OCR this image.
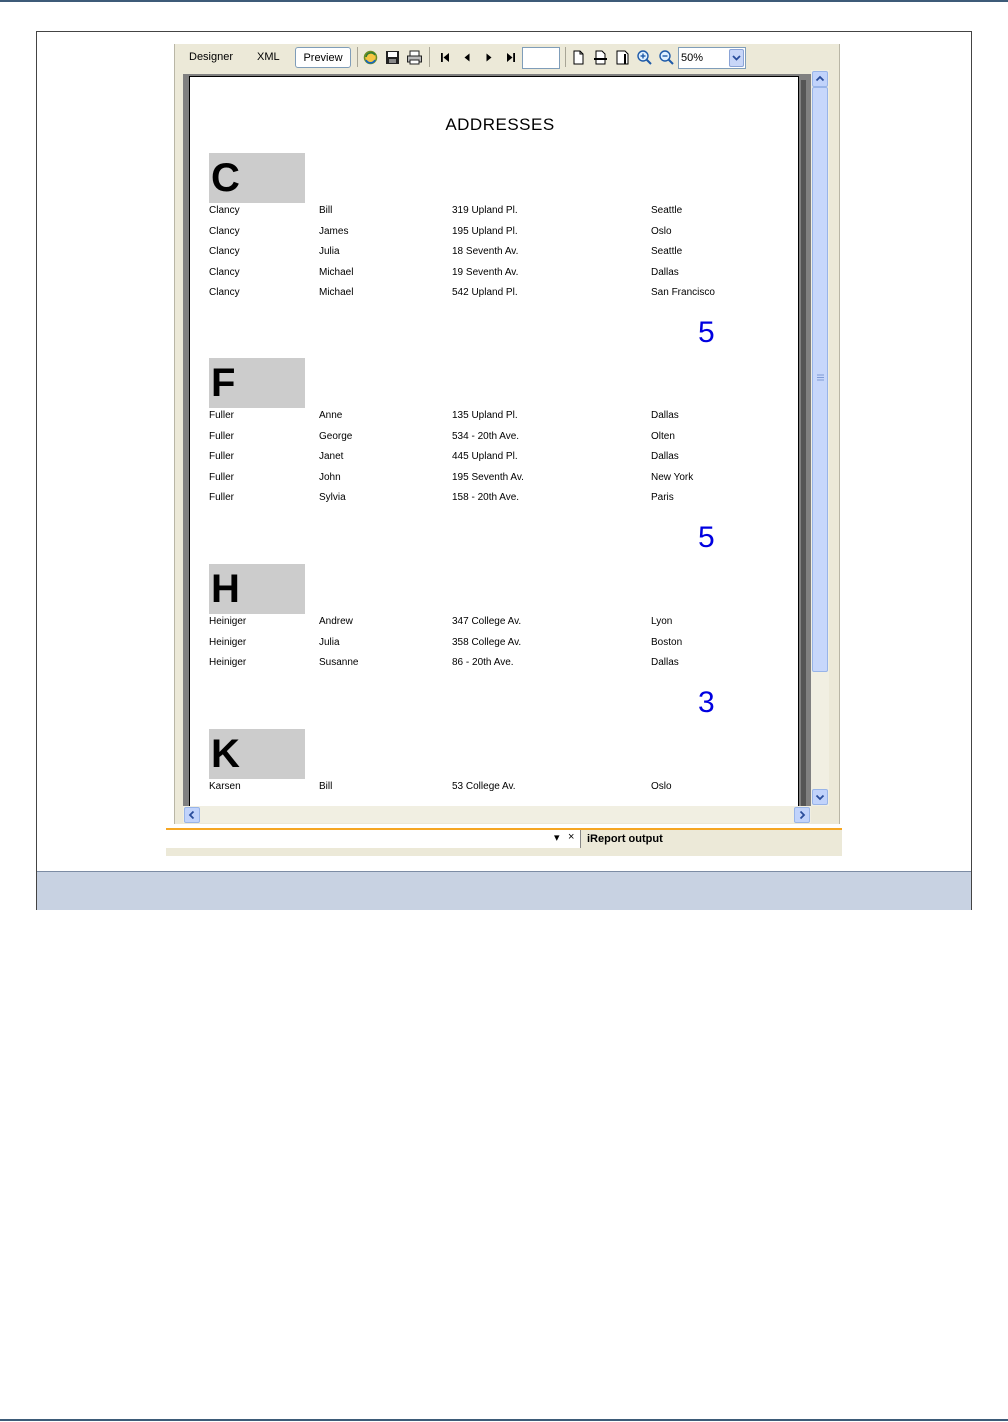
Designer XML	Preview	50%
ADDRESSES
C
Clancy	Bill	319 Upland Pl.	Seattle
Clancy	James	195 Upland Pl.	Oslo
Clancy	Julia	18 Seventh Av.	Seattle
Clancy	Michael	19 Seventh Av.	Dallas
Clancy	Michael	542 Upland Pl.	San Francisco
5
F
Fuller	Anne	135 Upland Pl.	Dallas
Fuller	George	534 - 20th Ave.	Olten
Fuller	Janet	445 Upland Pl.	Dallas
Fuller	John	195 Seventh Av.	New York
Fuller	Sylvia	158 - 20th Ave.	Paris
5
H
Heiniger	Andrew	347 College Av.	Lyon
Heiniger	Julia	358 College Av.	Boston
Heiniger	Susanne	86 - 20th Ave.	Dallas
3
K
Karsen	Bill	53 College Av.	Oslo
▾ ×	iReport output
